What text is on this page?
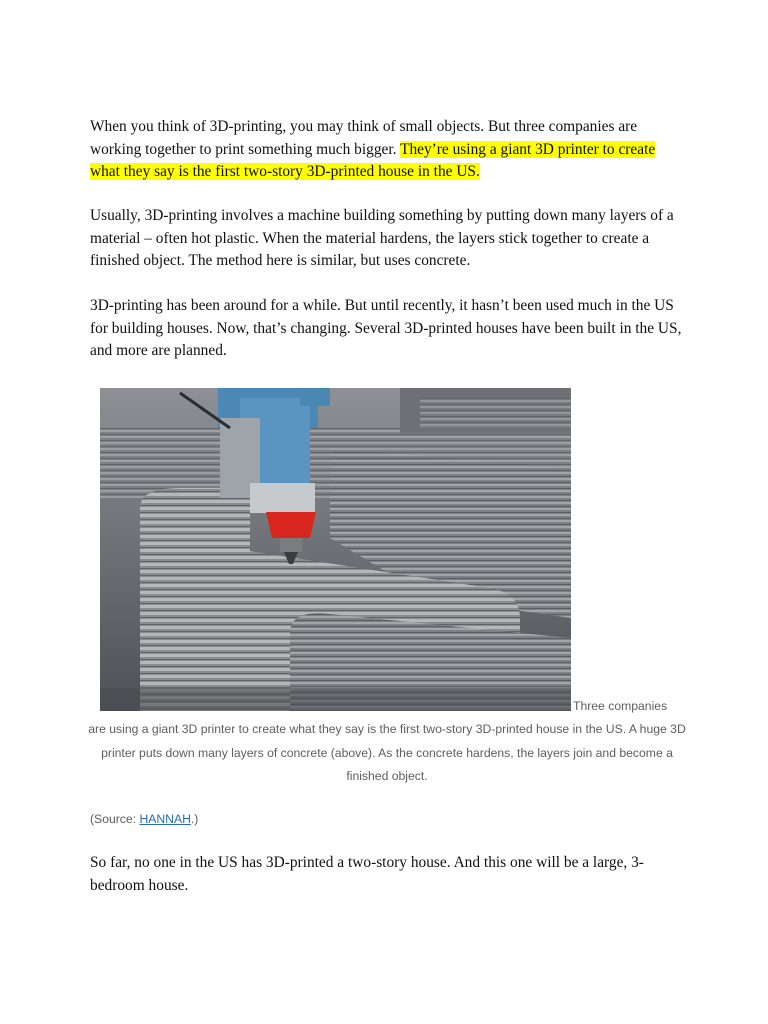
When you think of 3D-printing, you may think of small objects. But three companies are working together to print something much bigger. They’re using a giant 3D printer to create what they say is the first two-story 3D-printed house in the US.

Usually, 3D-printing involves a machine building something by putting down many layers of a material – often hot plastic. When the material hardens, the layers stick together to create a finished object. The method here is similar, but uses concrete.

3D-printing has been around for a while. But until recently, it hasn’t been used much in the US for building houses. Now, that’s changing. Several 3D-printed houses have been built in the US, and more are planned.

Three companies
are using a giant 3D printer to create what they say is the first two-story 3D-printed house in the US. A huge 3D printer puts down many layers of concrete (above). As the concrete hardens, the layers join and become a finished object.
(Source: HANNAH.)

So far, no one in the US has 3D-printed a two-story house. And this one will be a large, 3-bedroom house.
